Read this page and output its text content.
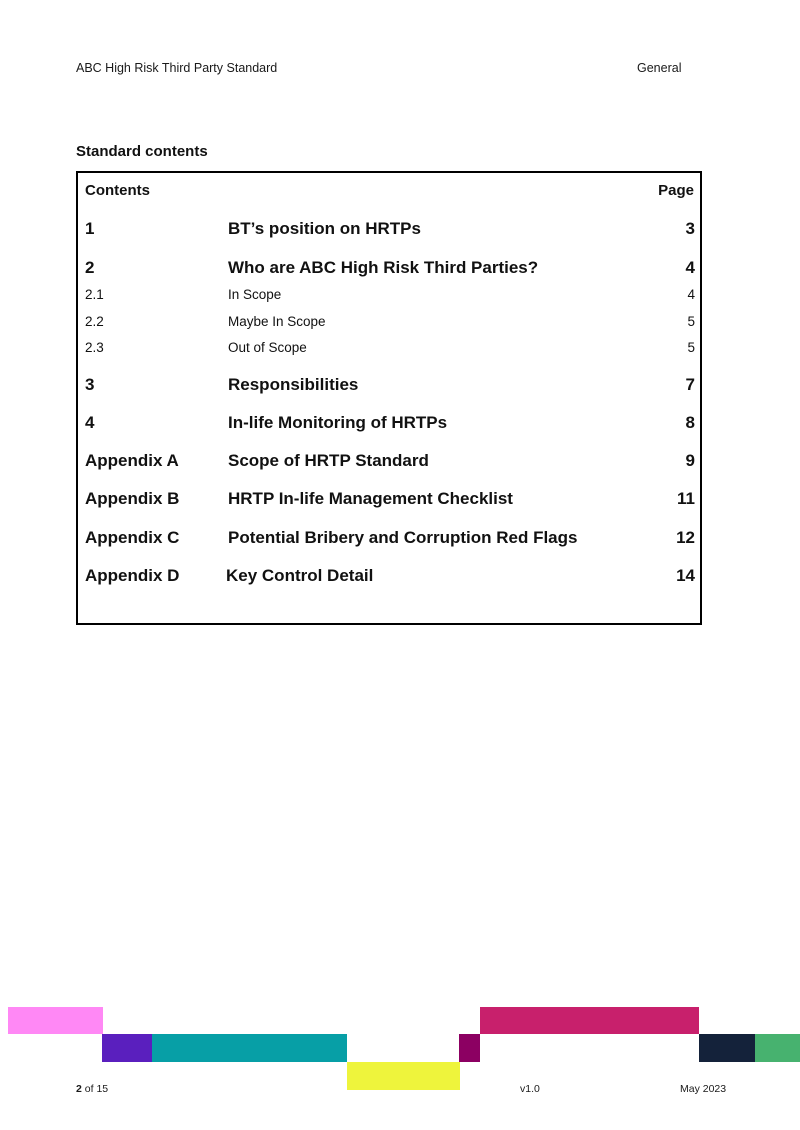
ABC High Risk Third Party Standard	General
Standard contents
Contents	Page
1	BT’s position on HRTPs	3
2	Who are ABC High Risk Third Parties?	4
2.1	In Scope	4
2.2	Maybe In Scope	5
2.3	Out of Scope	5
3	Responsibilities	7
4	In-life Monitoring of HRTPs	8
Appendix A	Scope of HRTP Standard	9
Appendix B	HRTP In-life Management Checklist	11
Appendix C	Potential Bribery and Corruption Red Flags	12
Appendix D	Key Control Detail	14
2 of 15	v1.0	May 2023
